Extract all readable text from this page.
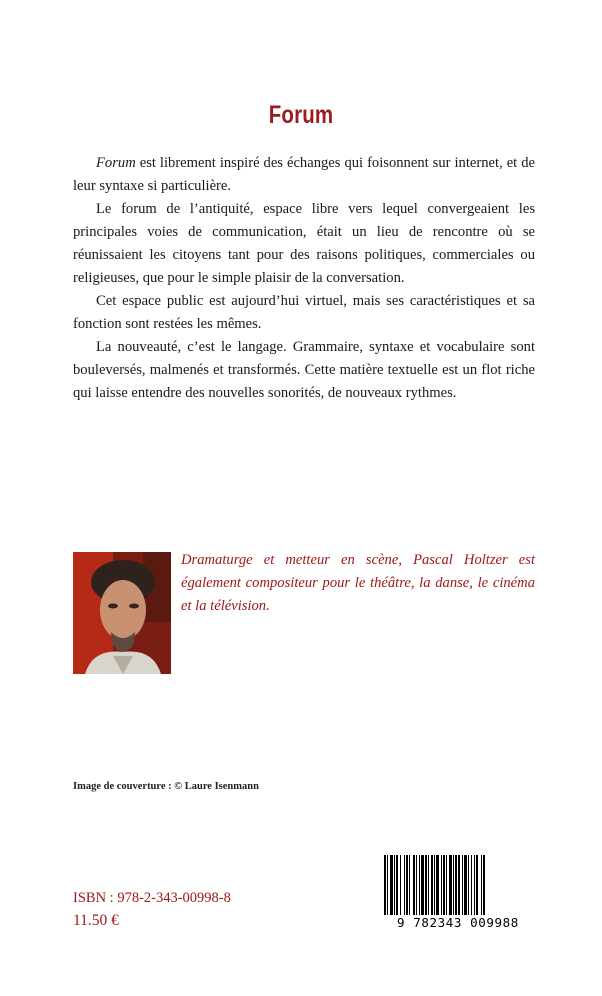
Forum

Forum est librement inspiré des échanges qui foisonnent sur internet, et de leur syntaxe si particulière.

Le forum de l’antiquité, espace libre vers lequel convergeaient les principales voies de communication, était un lieu de rencontre où se réunissaient les citoyens tant pour des raisons politiques, commerciales ou religieuses, que pour le simple plaisir de la conversation.

Cet espace public est aujourd’hui virtuel, mais ses caractéristiques et sa fonction sont restées les mêmes.

La nouveauté, c’est le langage. Grammaire, syntaxe et vocabulaire sont bouleversés, malmenés et transformés. Cette matière textuelle est un flot riche qui laisse entendre des nouvelles sonorités, de nouveaux rythmes.

Dramaturge et metteur en scène, Pascal Holtzer est également compositeur pour le théâtre, la danse, le cinéma et la télévision.

Image de couverture : © Laure Isenmann

ISBN : 978-2-343-00998-8

11.50 €	9 782343 009988
